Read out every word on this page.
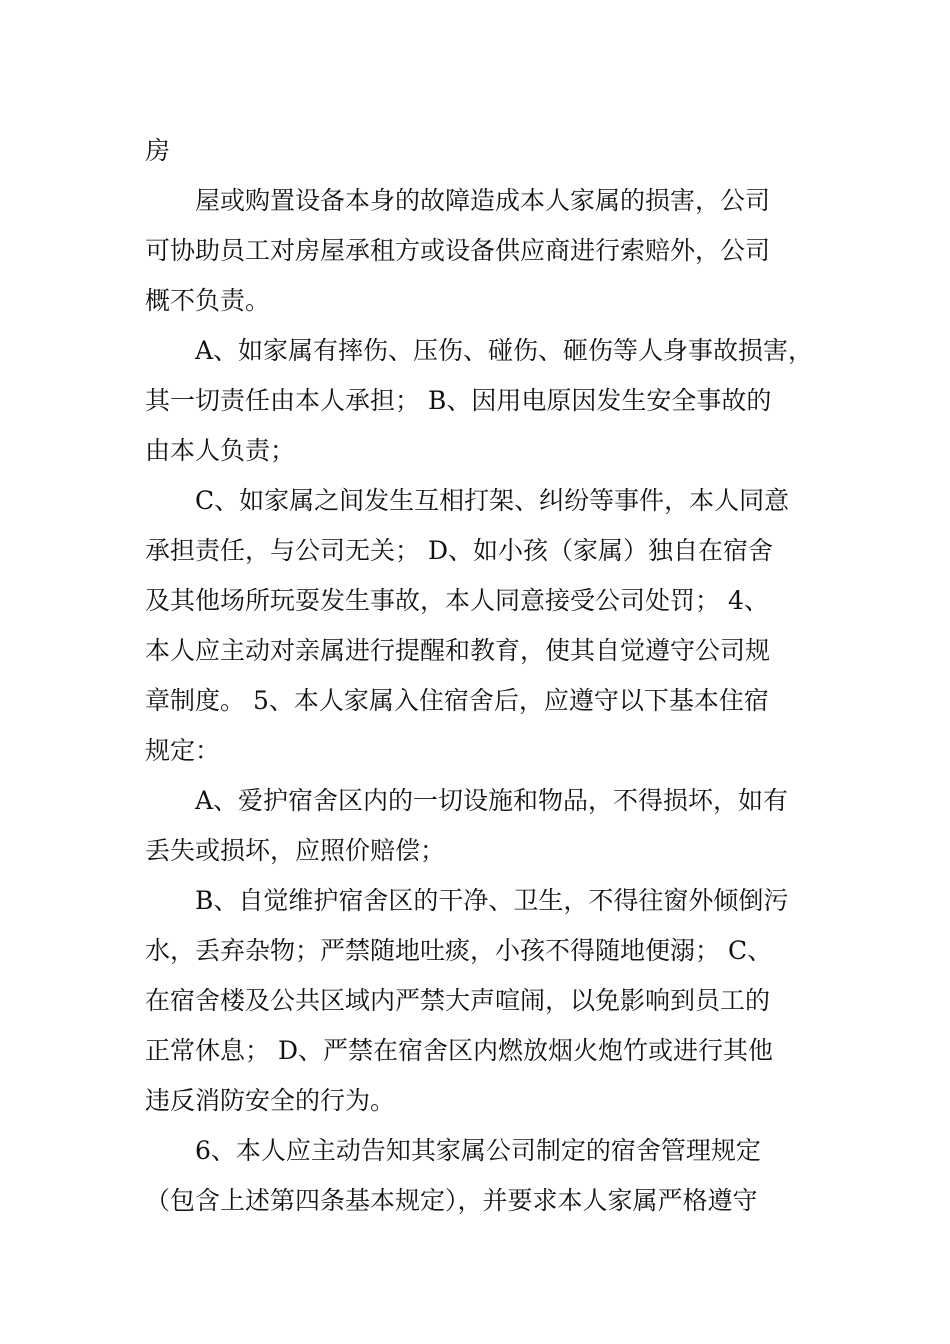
房
屋或购置设备本身的故障造成本人家属的损害，公司
可协助员工对房屋承租方或设备供应商进行索赔外，公司
概不负责。
A、如家属有摔伤、压伤、碰伤、砸伤等人身事故损害，
其一切责任由本人承担； B、因用电原因发生安全事故的
由本人负责；
C、如家属之间发生互相打架、纠纷等事件，本人同意
承担责任，与公司无关； D、如小孩（家属）独自在宿舍
及其他场所玩耍发生事故，本人同意接受公司处罚； 4、
本人应主动对亲属进行提醒和教育，使其自觉遵守公司规
章制度。 5、本人家属入住宿舍后，应遵守以下基本住宿
规定：
A、爱护宿舍区内的一切设施和物品，不得损坏，如有
丢失或损坏，应照价赔偿；
B、自觉维护宿舍区的干净、卫生，不得往窗外倾倒污
水，丢弃杂物；严禁随地吐痰，小孩不得随地便溺； C、
在宿舍楼及公共区域内严禁大声喧闹，以免影响到员工的
正常休息； D、严禁在宿舍区内燃放烟火炮竹或进行其他
违反消防安全的行为。
6、本人应主动告知其家属公司制定的宿舍管理规定
（包含上述第四条基本规定），并要求本人家属严格遵守
